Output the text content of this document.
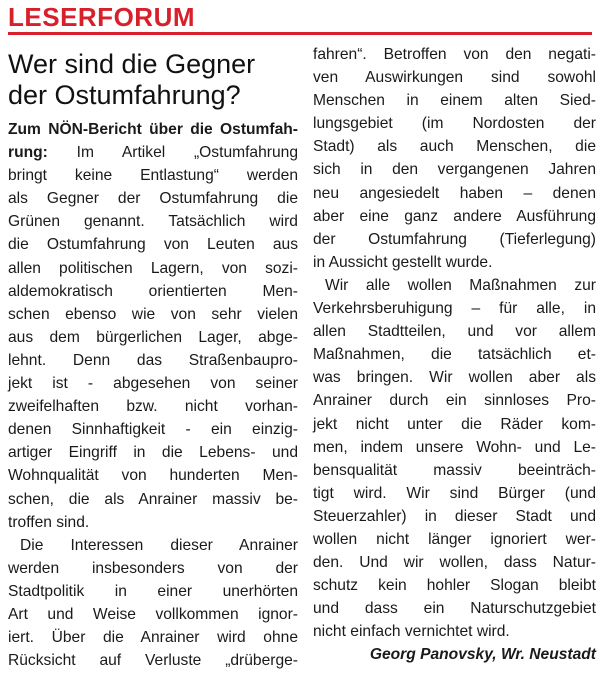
LESERFORUM
Wer sind die Gegner
der Ostumfahrung?
Zum NÖN-Bericht über die Ostumfah-
rung: Im Artikel „Ostumfahrung
bringt keine Entlastung“ werden
als Gegner der Ostumfahrung die
Grünen genannt. Tatsächlich wird
die Ostumfahrung von Leuten aus
allen politischen Lagern, von sozi-
aldemokratisch orientierten Men-
schen ebenso wie von sehr vielen
aus dem bürgerlichen Lager, abge-
lehnt. Denn das Straßenbaupro-
jekt ist - abgesehen von seiner
zweifelhaften bzw. nicht vorhan-
denen Sinnhaftigkeit - ein einzig-
artiger Eingriff in die Lebens- und
Wohnqualität von hunderten Men-
schen, die als Anrainer massiv be-
troffen sind.
Die Interessen dieser Anrainer
werden insbesonders von der
Stadtpolitik in einer unerhörten
Art und Weise vollkommen ignor-
iert. Über die Anrainer wird ohne
Rücksicht auf Verluste „drüberge-
fahren“. Betroffen von den negati-
ven Auswirkungen sind sowohl
Menschen in einem alten Sied-
lungsgebiet (im Nordosten der
Stadt) als auch Menschen, die
sich in den vergangenen Jahren
neu angesiedelt haben – denen
aber eine ganz andere Ausführung
der Ostumfahrung (Tieferlegung)
in Aussicht gestellt wurde.
Wir alle wollen Maßnahmen zur
Verkehrsberuhigung – für alle, in
allen Stadtteilen, und vor allem
Maßnahmen, die tatsächlich et-
was bringen. Wir wollen aber als
Anrainer durch ein sinnloses Pro-
jekt nicht unter die Räder kom-
men, indem unsere Wohn- und Le-
bensqualität massiv beeinträch-
tigt wird. Wir sind Bürger (und
Steuerzahler) in dieser Stadt und
wollen nicht länger ignoriert wer-
den. Und wir wollen, dass Natur-
schutz kein hohler Slogan bleibt
und dass ein Naturschutzgebiet
nicht einfach vernichtet wird.
Georg Panovsky, Wr. Neustadt
